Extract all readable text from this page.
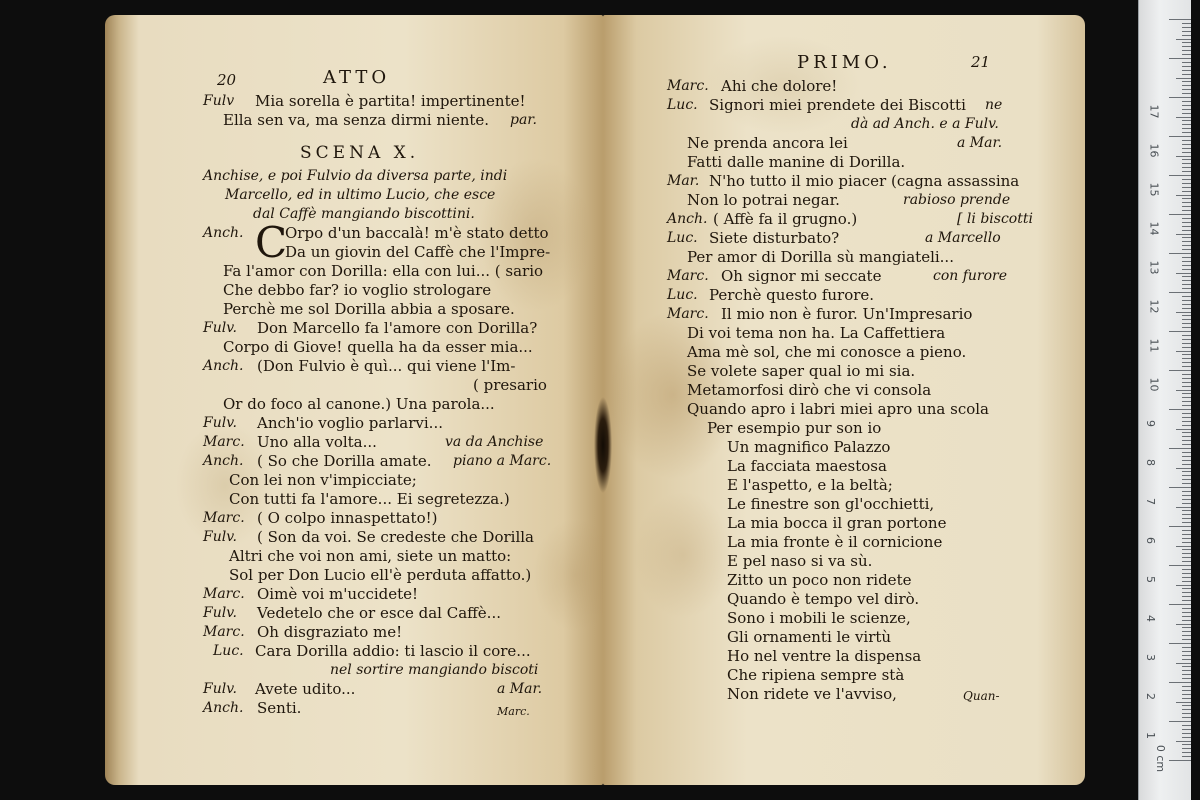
20	ATTO
Fulv Mia sorella è partita! impertinente!
Ella sen va, ma senza dirmi niente. par.
SCENA X.
Anchise, e poi Fulvio da diversa parte, indi
Marcello, ed in ultimo Lucio, che esce
dal Caffè mangiando biscottini.
Anch. C
Orpo d'un baccalà! m'è stato detto
Da un giovin del Caffè che l'Impre-
Fa l'amor con Dorilla: ella con lui... ( sario
Che debbo far? io voglio strologare
Perchè me sol Dorilla abbia a sposare.
Fulv. Don Marcello fa l'amore con Dorilla?
Corpo di Giove! quella ha da esser mia...
Anch. (Don Fulvio è quì... qui viene l'Im-
( presario
Or do foco al canone.) Una parola...
Fulv. Anch'io voglio parlarvi...
Marc. Uno alla volta...	va da Anchise
Anch. ( So che Dorilla amate. piano a Marc.
Con lei non v'impicciate;
Con tutti fa l'amore... Ei segretezza.)
Marc. ( O colpo innaspettato!)
Fulv. ( Son da voi. Se credeste che Dorilla
Altri che voi non ami, siete un matto:
Sol per Don Lucio ell'è perduta affatto.)
Marc. Oimè voi m'uccidete!
Fulv. Vedetelo che or esce dal Caffè...
Marc. Oh disgraziato me!
Luc. Cara Dorilla addio: ti lascio il core...
nel sortire mangiando biscoti
Fulv. Avete udito...	a Mar.
Anch. Senti.	Marc.
PRIMO.	21
Marc. Ahi che dolore!
Luc. Signori miei prendete dei Biscotti ne
dà ad Anch. e a Fulv.
Ne prenda ancora lei	a Mar.
Fatti dalle manine di Dorilla.
Mar. N'ho tutto il mio piacer (cagna assassina
Non lo potrai negar.	rabioso prende
Anch. ( Affè fa il grugno.)	[ li biscotti
Luc. Siete disturbato?	a Marcello
Per amor di Dorilla sù mangiateli...
Marc. Oh signor mi seccate	con furore
Luc. Perchè questo furore.
Marc. Il mio non è furor. Un'Impresario
Di voi tema non ha. La Caffettiera
Ama mè sol, che mi conosce a pieno.
Se volete saper qual io mi sia.
Metamorfosi dirò che vi consola
Quando apro i labri miei apro una scola
Per esempio pur son io
Un magnifico Palazzo
La facciata maestosa
E l'aspetto, e la beltà;
Le finestre son gl'occhietti,
La mia bocca il gran portone
La mia fronte è il cornicione
E pel naso si va sù.
Zitto un poco non ridete
Quando è tempo vel dirò.
Sono i mobili le scienze,
Gli ornamenti le virtù
Ho nel ventre la dispensa
Che ripiena sempre stà
Non ridete ve l'avviso,	Quan-
0 cm
1
2
3
4
5
6
7
8
9
10
11
12
13
14
15
16
17
